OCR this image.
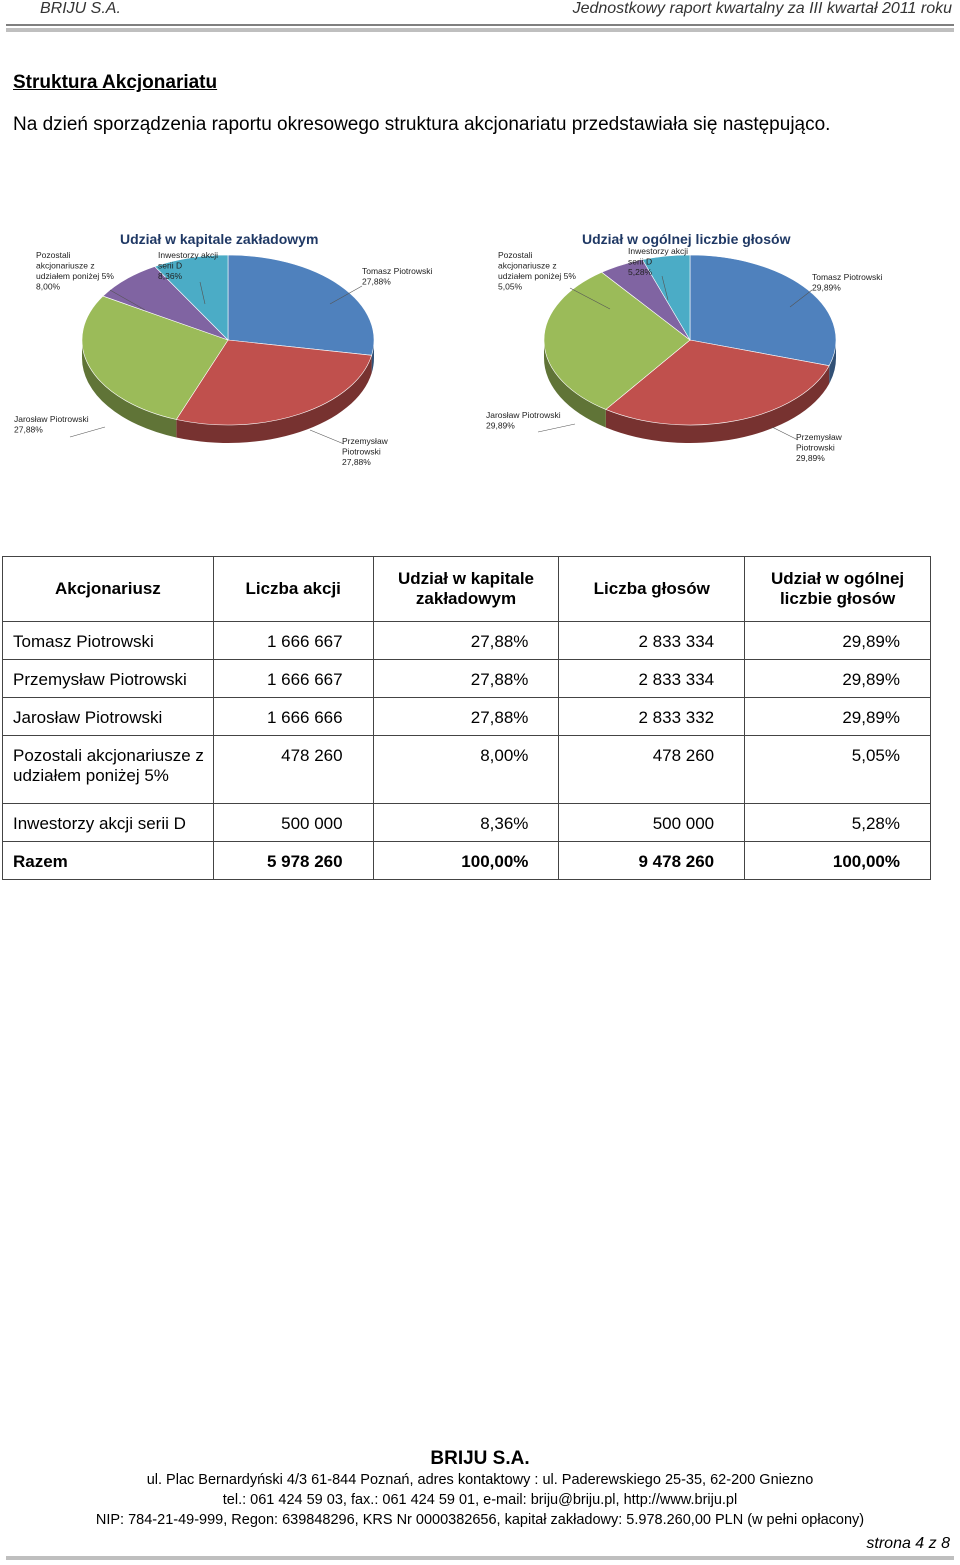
BRIJU S.A.	Jednostkowy raport kwartalny za III kwartał 2011 roku
Struktura Akcjonariatu
Na dzień sporządzenia raportu okresowego struktura akcjonariatu przedstawiała się następująco.
Udział w kapitale zakładowym
Tomasz Piotrowski 27,88%
Przemysław Piotrowski 27,88%
Jarosław Piotrowski 27,88%
Pozostali akcjonariusze z udziałem poniżej 5% 8,00%
Inwestorzy akcji serii D 8,36%
Udział w ogólnej liczbie głosów
Tomasz Piotrowski 29,89%
Przemysław Piotrowski 29,89%
Jarosław Piotrowski 29,89%
Pozostali akcjonariusze z udziałem poniżej 5% 5,05%
Inwestorzy akcji serii D 5,28%
Akcjonariusz	Liczba akcji	Udział w kapitale zakładowym	Liczba głosów	Udział w ogólnej liczbie głosów
Tomasz Piotrowski	1 666 667	27,88%	2 833 334	29,89%
Przemysław Piotrowski	1 666 667	27,88%	2 833 334	29,89%
Jarosław Piotrowski	1 666 666	27,88%	2 833 332	29,89%
Pozostali akcjonariusze z udziałem poniżej 5%	478 260	8,00%	478 260	5,05%
Inwestorzy akcji serii D	500 000	8,36%	500 000	5,28%
Razem	5 978 260	100,00%	9 478 260	100,00%
BRIJU S.A.
ul. Plac Bernardyński 4/3 61-844 Poznań, adres kontaktowy : ul. Paderewskiego 25-35, 62-200 Gniezno
tel.: 061 424 59 03, fax.: 061 424 59 01, e-mail: briju@briju.pl, http://www.briju.pl
NIP: 784-21-49-999, Regon: 639848296, KRS Nr 0000382656, kapitał zakładowy: 5.978.260,00 PLN (w pełni opłacony)
strona 4 z 8
